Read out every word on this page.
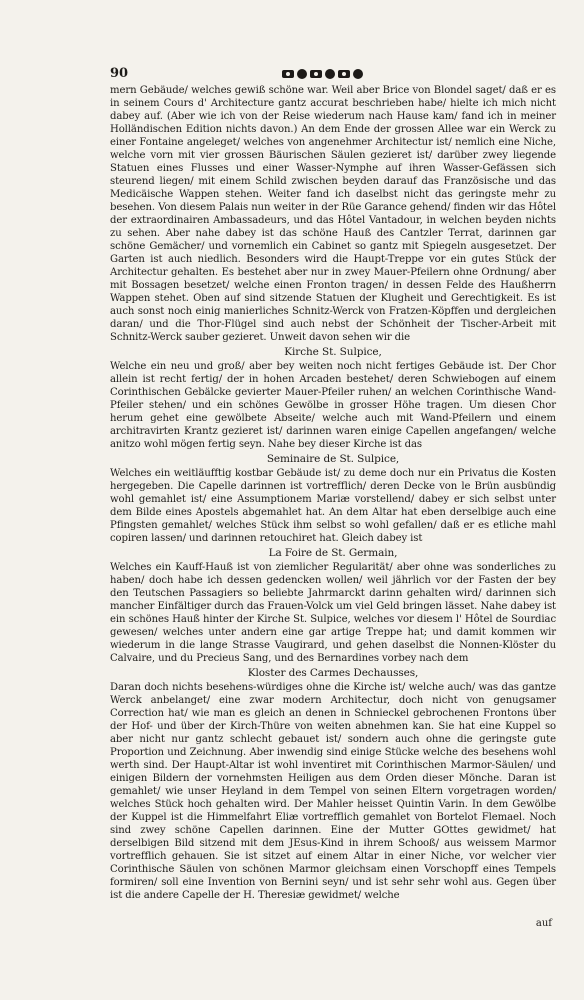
90

mern Gebäude/ welches gewiß schöne war. Weil aber Brice von Blondel saget/ daß er es in seinem Cours d' Architecture gantz accurat beschrieben habe/ hielte ich mich nicht dabey auf. (Aber wie ich von der Reise wiederum nach Hause kam/ fand ich in meiner Holländischen Edition nichts davon.) An dem Ende der grossen Allee war ein Werck zu einer Fontaine angeleget/ welches von angenehmer Architectur ist/ nemlich eine Niche, welche vorn mit vier grossen Bäurischen Säulen gezieret ist/ darüber zwey liegende Statuen eines Flusses und einer Wasser-Nymphe auf ihren Wasser-Gefässen sich steurend liegen/ mit einem Schild zwischen beyden darauf das Französische und das Medicäische Wappen stehen. Weiter fand ich daselbst nicht das geringste mehr zu besehen. Von diesem Palais nun weiter in der Rüe Garance gehend/ finden wir das Hôtel der extraordinairen Ambassadeurs, und das Hôtel Vantadour, in welchen beyden nichts zu sehen. Aber nahe dabey ist das schöne Hauß des Cantzler Terrat, darinnen gar schöne Gemächer/ und vornemlich ein Cabinet so gantz mit Spiegeln ausgesetzet. Der Garten ist auch niedlich. Besonders wird die Haupt-Treppe vor ein gutes Stück der Architectur gehalten. Es bestehet aber nur in zwey Mauer-Pfeilern ohne Ordnung/ aber mit Bossagen besetzet/ welche einen Fronton tragen/ in dessen Felde des Haußherrn Wappen stehet. Oben auf sind sitzende Statuen der Klugheit und Gerechtigkeit. Es ist auch sonst noch einig manierliches Schnitz-Werck von Fratzen-Köpffen und dergleichen daran/ und die Thor-Flügel sind auch nebst der Schönheit der Tischer-Arbeit mit Schnitz-Werck sauber gezieret. Unweit davon sehen wir die

Kirche St. Sulpice,

Welche ein neu und groß/ aber bey weiten noch nicht fertiges Gebäude ist. Der Chor allein ist recht fertig/ der in hohen Arcaden bestehet/ deren Schwiebogen auf einem Corinthischen Gebälcke gevierter Mauer-Pfeiler ruhen/ an welchen Corinthische Wand-Pfeiler stehen/ und ein schönes Gewölbe in grosser Höhe tragen. Um diesen Chor herum gehet eine gewölbete Abseite/ welche auch mit Wand-Pfeilern und einem architravirten Krantz gezieret ist/ darinnen waren einige Capellen angefangen/ welche anitzo wohl mögen fertig seyn. Nahe bey dieser Kirche ist das

Seminaire de St. Sulpice,

Welches ein weitläufftig kostbar Gebäude ist/ zu deme doch nur ein Privatus die Kosten hergegeben. Die Capelle darinnen ist vortrefflich/ deren Decke von le Brün ausbündig wohl gemahlet ist/ eine Assumptionem Mariæ vorstellend/ dabey er sich selbst unter dem Bilde eines Apostels abgemahlet hat. An dem Altar hat eben derselbige auch eine Pfingsten gemahlet/ welches Stück ihm selbst so wohl gefallen/ daß er es etliche mahl copiren lassen/ und darinnen retouchiret hat. Gleich dabey ist

La Foire de St. Germain,

Welches ein Kauff-Hauß ist von ziemlicher Regularität/ aber ohne was sonderliches zu haben/ doch habe ich dessen gedencken wollen/ weil jährlich vor der Fasten der bey den Teutschen Passagiers so beliebte Jahrmarckt darinn gehalten wird/ darinnen sich mancher Einfältiger durch das Frauen-Volck um viel Geld bringen lässet. Nahe dabey ist ein schönes Hauß hinter der Kirche St. Sulpice, welches vor diesem l' Hôtel de Sourdiac gewesen/ welches unter andern eine gar artige Treppe hat; und damit kommen wir wiederum in die lange Strasse Vaugirard, und gehen daselbst die Nonnen-Klöster du Calvaire, und du Precieus Sang, und des Bernardines vorbey nach dem

Kloster des Carmes Dechausses,

Daran doch nichts besehens-würdiges ohne die Kirche ist/ welche auch/ was das gantze Werck anbelanget/ eine zwar modern Architectur, doch nicht von genugsamer Correction hat/ wie man es gleich an denen in Schnieckel gebrochenen Frontons über der Hof- und über der Kirch-Thüre von weiten abnehmen kan. Sie hat eine Kuppel so aber nicht nur gantz schlecht gebauet ist/ sondern auch ohne die geringste gute Proportion und Zeichnung. Aber inwendig sind einige Stücke welche des besehens wohl werth sind. Der Haupt-Altar ist wohl inventiret mit Corinthischen Marmor-Säulen/ und einigen Bildern der vornehmsten Heiligen aus dem Orden dieser Mönche. Daran ist gemahlet/ wie unser Heyland in dem Tempel von seinen Eltern vorgetragen worden/ welches Stück hoch gehalten wird. Der Mahler heisset Quintin Varin. In dem Gewölbe der Kuppel ist die Himmelfahrt Eliæ vortrefflich gemahlet von Bortelot Flemael. Noch sind zwey schöne Capellen darinnen. Eine der Mutter GOttes gewidmet/ hat derselbigen Bild sitzend mit dem JEsus-Kind in ihrem Schooß/ aus weissem Marmor vortrefflich gehauen. Sie ist sitzet auf einem Altar in einer Niche, vor welcher vier Corinthische Säulen von schönen Marmor gleichsam einen Vorschopff eines Tempels formiren/ soll eine Invention von Bernini seyn/ und ist sehr sehr wohl aus. Gegen über ist die andere Capelle der H. Theresiæ gewidmet/ welche

auf
